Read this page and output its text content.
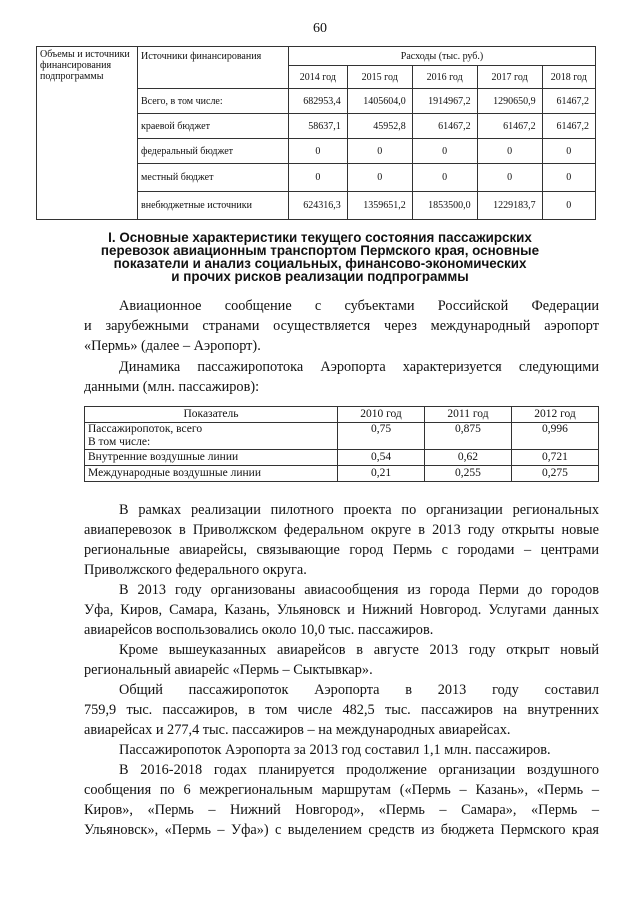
60
Объемы и источники финансирования подпрограммы	Источники финансирования	Расходы (тыс. руб.)				
		2014 год	2015 год	2016 год	2017 год	2018 год
	Всего, в том числе:	682953,4	1405604,0	1914967,2	1290650,9	61467,2
	краевой бюджет	58637,1	45952,8	61467,2	61467,2	61467,2
	федеральный бюджет	0	0	0	0	0
	местный бюджет	0	0	0	0	0
	внебюджетные источники	624316,3	1359651,2	1853500,0	1229183,7	0
I. Основные характеристики текущего состояния пассажирских
перевозок авиационным транспортом Пермского края, основные
показатели и анализ социальных, финансово-экономических
и прочих рисков реализации подпрограммы
Авиационное сообщение с субъектами Российской Федерации
и зарубежными странами осуществляется через международный аэропорт
«Пермь» (далее – Аэропорт).
Динамика пассажиропотока Аэропорта характеризуется следующими
данными (млн. пассажиров):
Показатель	2010 год	2011 год	2012 год

Пассажиропоток, всего
В том числе:	0,75	0,875	0,996
Внутренние воздушные линии	0,54	0,62	0,721
Международные воздушные линии	0,21	0,255	0,275
В рамках реализации пилотного проекта по организации региональных
авиаперевозок в Приволжском федеральном округе в 2013 году открыты новые
региональные авиарейсы, связывающие город Пермь с городами – центрами
Приволжского федерального округа.
В 2013 году организованы авиасообщения из города Перми до городов
Уфа, Киров, Самара, Казань, Ульяновск и Нижний Новгород. Услугами данных
авиарейсов воспользовались около 10,0 тыс. пассажиров.
Кроме вышеуказанных авиарейсов в августе 2013 году открыт новый
региональный авиарейс «Пермь – Сыктывкар».
Общий пассажиропоток Аэропорта в 2013 году составил
759,9 тыс. пассажиров, в том числе 482,5 тыс. пассажиров на внутренних
авиарейсах и 277,4 тыс. пассажиров – на международных авиарейсах.
Пассажиропоток Аэропорта за 2013 год составил 1,1 млн. пассажиров.
В 2016-2018 годах планируется продолжение организации воздушного
сообщения по 6 межрегиональным маршрутам («Пермь – Казань», «Пермь –
Киров», «Пермь – Нижний Новгород», «Пермь – Самара», «Пермь –
Ульяновск», «Пермь – Уфа») с выделением средств из бюджета Пермского края
